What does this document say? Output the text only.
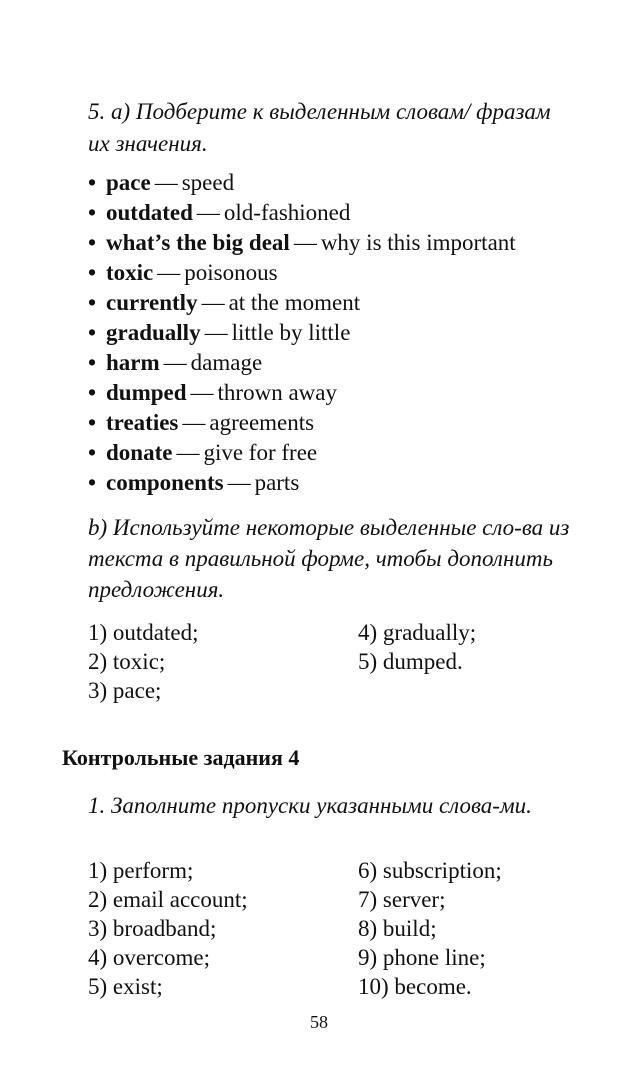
5. а) Подберите к выделенным словам/ фразам их значения.
• pace — speed
• outdated — old-fashioned
• what’s the big deal — why is this important
• toxic — poisonous
• currently — at the moment
• gradually — little by little
• harm — damage
• dumped — thrown away
• treaties — agreements
• donate — give for free
• components — parts
b) Используйте некоторые выделенные сло-ва из текста в правильной форме, чтобы дополнить предложения.
1) outdated;	4) gradually;
2) toxic;	5) dumped.
3) pace;
Контрольные задания 4
1. Заполните пропуски указанными слова-ми.
1) perform;	6) subscription;
2) email account;	7) server;
3) broadband;	8) build;
4) overcome;	9) phone line;
5) exist;	10) become.
58
